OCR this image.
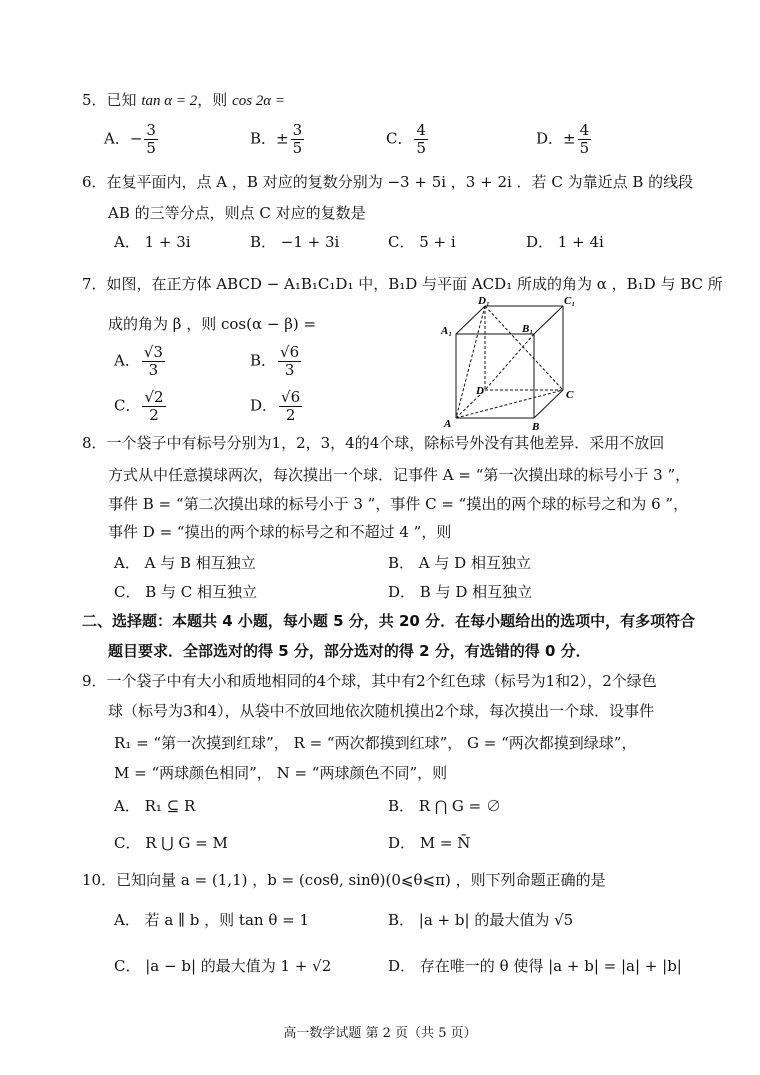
5．已知 tan α = 2，则 cos 2α =
A．− $\frac{3}{5}$	B．± $\frac{3}{5}$	C． $\frac{4}{5}$	D．± $\frac{4}{5}$
6．在复平面内，点 A ，B 对应的复数分别为 −3 + 5i ，3 + 2i ．若 C 为靠近点 B 的线段
AB 的三等分点，则点 C 对应的复数是
A． 1 + 3i	B． −1 + 3i	C． 5 + i	D． 1 + 4i
7．如图，在正方体 ABCD − A₁B₁C₁D₁ 中，B₁D 与平面 ACD₁ 所成的角为 α ，B₁D 与 BC 所
成的角为 β ，则 cos(α − β) =
A． $\frac{√3}{3}$	B． $\frac{√6}{3}$
C． $\frac{√2}{2}$	D． $\frac{√6}{2}$
D₁	C₁
A₁	B₁
D	C
A	B
8．一个袋子中有标号分别为1，2，3，4的4个球，除标号外没有其他差异．采用不放回
方式从中任意摸球两次，每次摸出一个球．记事件 A = “第一次摸出球的标号小于 3 ”，
事件 B = “第二次摸出球的标号小于 3 ”，事件 C = “摸出的两个球的标号之和为 6 ”，
事件 D = “摸出的两个球的标号之和不超过 4 ”，则
A． A 与 B 相互独立	B． A 与 D 相互独立
C． B 与 C 相互独立	D． B 与 D 相互独立
二、选择题：本题共 4 小题，每小题 5 分，共 20 分．在每小题给出的选项中，有多项符合
题目要求．全部选对的得 5 分，部分选对的得 2 分，有选错的得 0 分．
9．一个袋子中有大小和质地相同的4个球，其中有2个红色球（标号为1和2），2个绿色
球（标号为3和4），从袋中不放回地依次随机摸出2个球，每次摸出一个球．设事件
R₁ = “第一次摸到红球”， R = “两次都摸到红球”， G = “两次都摸到绿球”，
M = “两球颜色相同”， N = “两球颜色不同”，则
A． R₁ ⊆ R	B． R ⋂ G = ∅
C． R ⋃ G = M	D． M = N̄
10．已知向量 a = (1,1) ，b = (cosθ, sinθ)(0⩽θ⩽π) ，则下列命题正确的是
A． 若 a ∥ b ，则 tan θ = 1	B． |a + b| 的最大值为 √5
C． |a − b| 的最大值为 1 + √2	D． 存在唯一的 θ 使得 |a + b| = |a| + |b|
高一数学试题 第 2 页（共 5 页）
